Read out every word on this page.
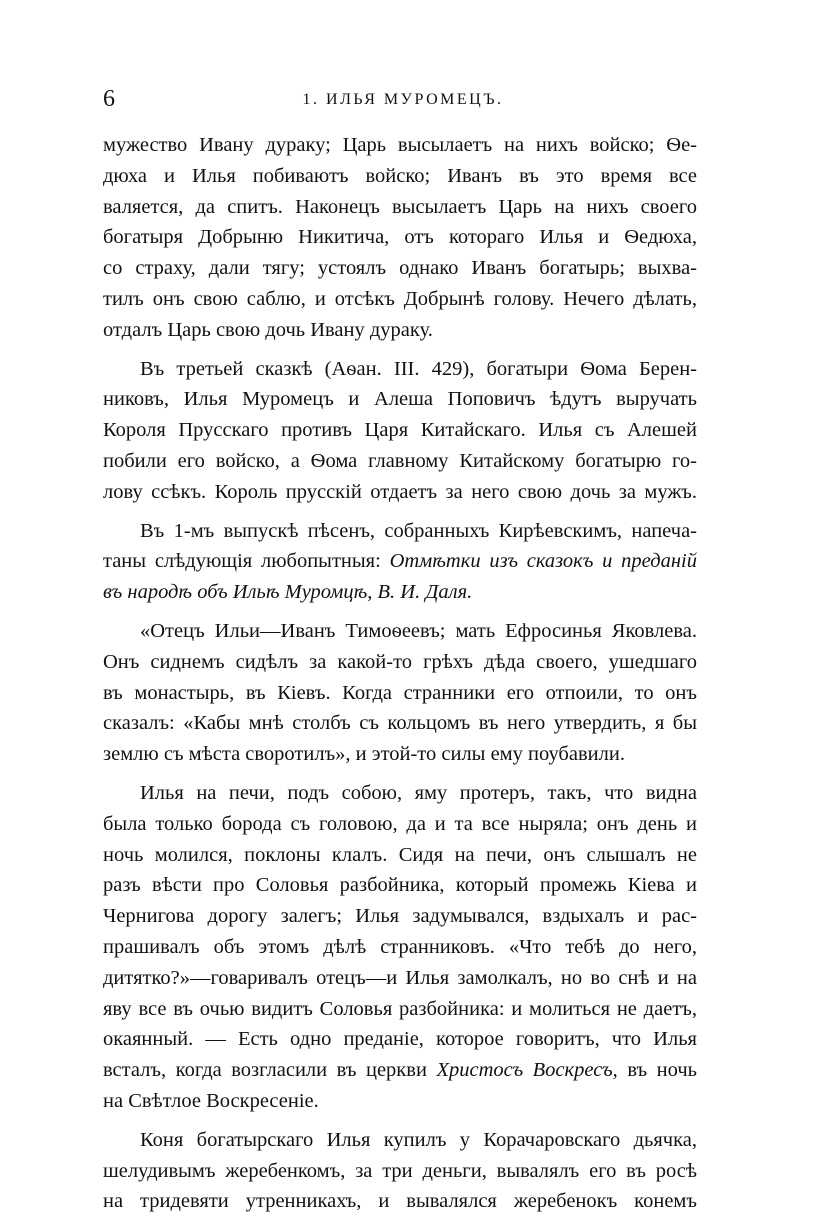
6	1. ИЛЬЯ МУРОМЕЦЪ.
мужество Ивану дураку; Царь высылаетъ на нихъ войско; Ѳе-
дюха и Илья побиваютъ войско; Иванъ въ это время все
валяется, да спитъ. Наконецъ высылаетъ Царь на нихъ своего
богатыря Добрыню Никитича, отъ котораго Илья и Ѳедюха,
со страху, дали тягу; устоялъ однако Иванъ богатырь; выхва-
тилъ онъ свою саблю, и отсѣкъ Добрынѣ голову. Нечего дѣлать,
отдалъ Царь свою дочь Ивану дураку.
Въ третьей сказкѣ (Аѳан. III. 429), богатыри Ѳома Берен-
никовъ, Илья Муромецъ и Алеша Поповичъ ѣдутъ выручать
Короля Прусскаго противъ Царя Китайскаго. Илья съ Алешей
побили его войско, а Ѳома главному Китайскому богатырю го-
лову ссѣкъ. Король прусскій отдаетъ за него свою дочь за мужъ.
Въ 1-мъ выпускѣ пѣсенъ, собранныхъ Кирѣевскимъ, напеча-
таны слѣдующія любопытныя: Отмѣтки изъ сказокъ и преданій
въ народѣ объ Ильѣ Муромцѣ, В. И. Даля.
«Отецъ Ильи—Иванъ Тимоѳеевъ; мать Ефросинья Яковлева.
Онъ сиднемъ сидѣлъ за какой-то грѣхъ дѣда своего, ушедшаго
въ монастырь, въ Кіевъ. Когда странники его отпоили, то онъ
сказалъ: «Кабы мнѣ столбъ съ кольцомъ въ него утвердить, я бы
землю съ мѣста своротилъ», и этой-то силы ему поубавили.
Илья на печи, подъ собою, яму протеръ, такъ, что видна
была только борода съ головою, да и та все ныряла; онъ день и
ночь молился, поклоны клалъ. Сидя на печи, онъ слышалъ не
разъ вѣсти про Соловья разбойника, который промежь Кіева и
Чернигова дорогу залегъ; Илья задумывался, вздыхалъ и рас-
прашивалъ объ этомъ дѣлѣ странниковъ. «Что тебѣ до него,
дитятко?»—говаривалъ отецъ—и Илья замолкалъ, но во снѣ и на
яву все въ очью видитъ Соловья разбойника: и молиться не даетъ,
окаянный. — Есть одно преданіе, которое говоритъ, что Илья
всталъ, когда возгласили въ церкви Христосъ Воскресъ, въ ночь
на Свѣтлое Воскресеніе.
Коня богатырскаго Илья купилъ у Корачаровскаго дьячка,
шелудивымъ жеребенкомъ, за три деньги, вывалялъ его въ росѣ
на тридевяти утренникахъ, и вывалялся жеребенокъ конемъ
